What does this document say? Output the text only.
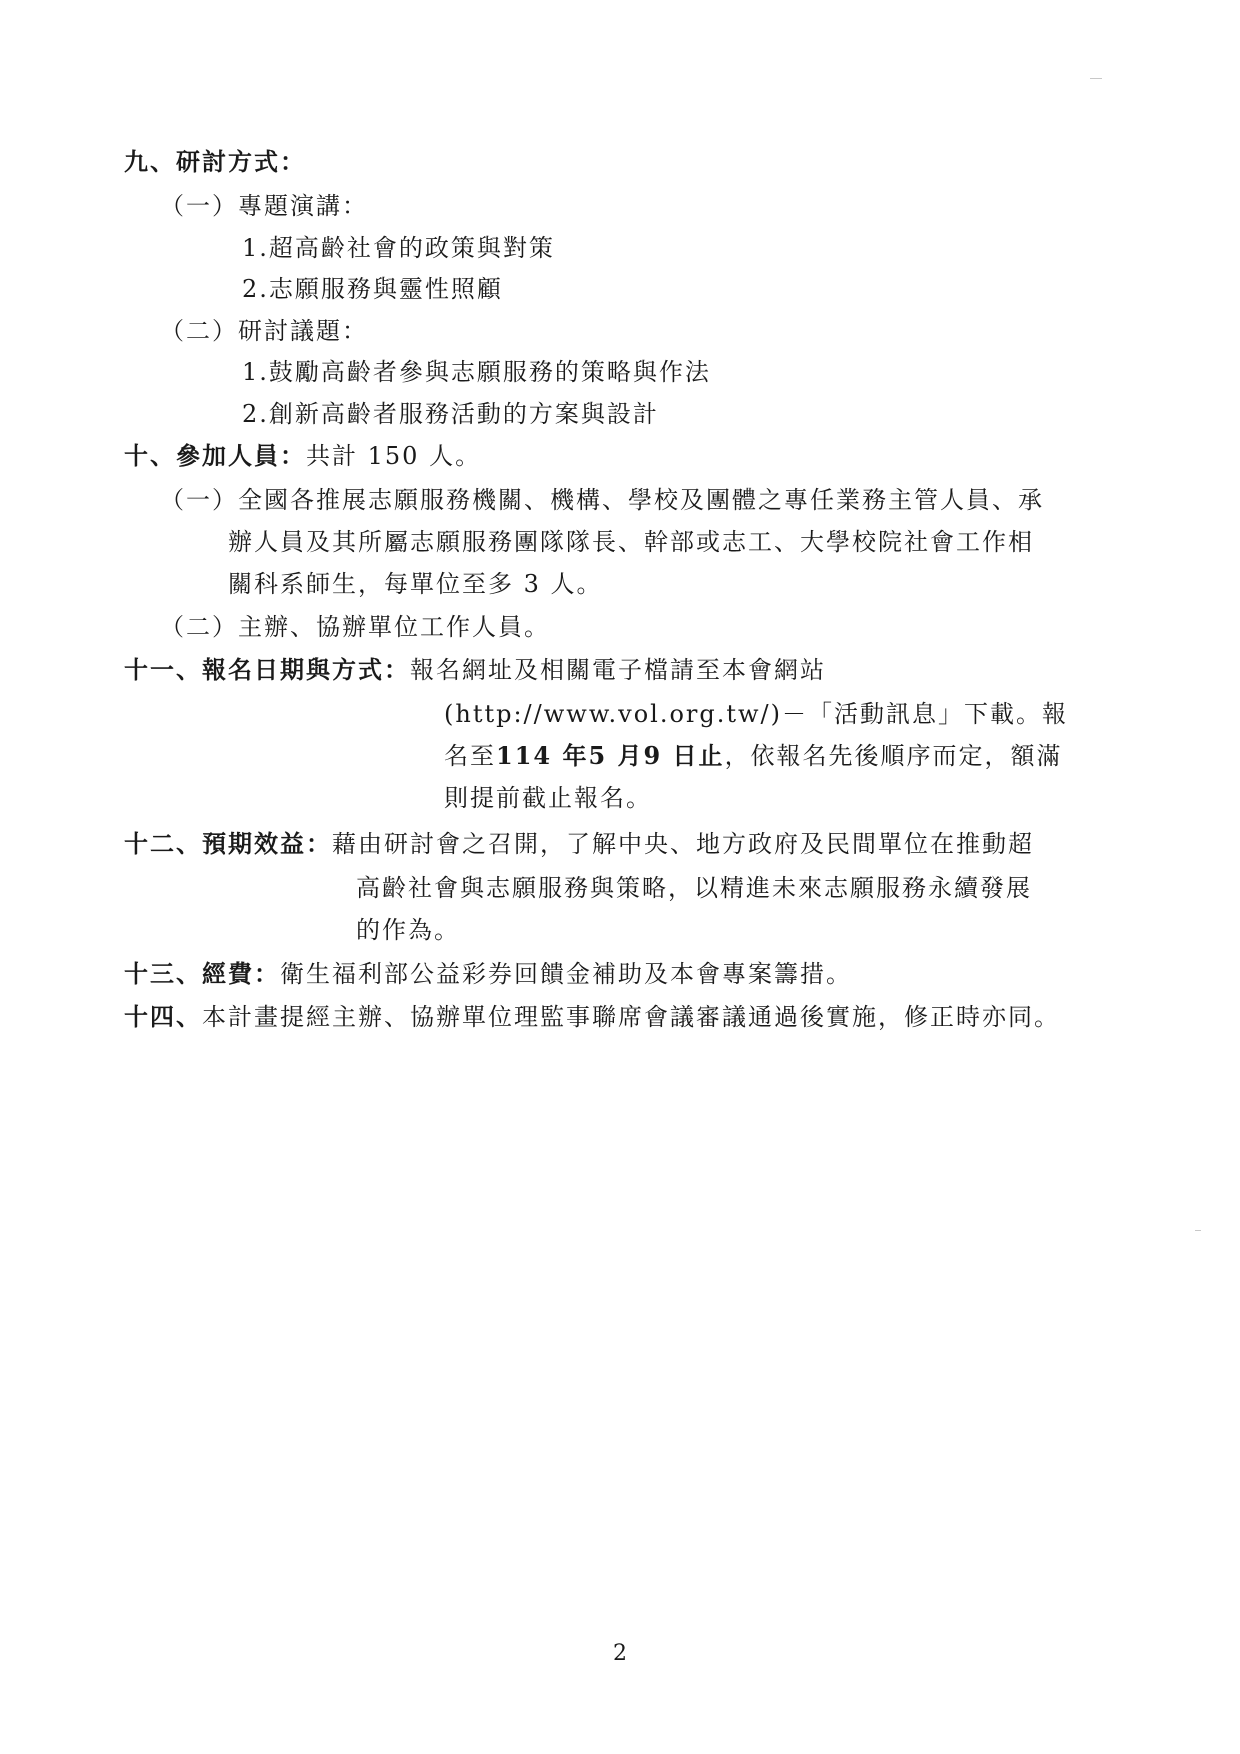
九、研討方式：
（一）專題演講：
1.超高齡社會的政策與對策
2.志願服務與靈性照顧
（二）研討議題：
1.鼓勵高齡者參與志願服務的策略與作法
2.創新高齡者服務活動的方案與設計
十、參加人員：共計 150 人。
（一）全國各推展志願服務機關、機構、學校及團體之專任業務主管人員、承
辦人員及其所屬志願服務團隊隊長、幹部或志工、大學校院社會工作相
關科系師生，每單位至多 3 人。
（二）主辦、協辦單位工作人員。
十一、報名日期與方式：報名網址及相關電子檔請至本會網站
(http://www.vol.org.tw/)－「活動訊息」下載。報
名至114 年5 月9 日止，依報名先後順序而定，額滿
則提前截止報名。
十二、預期效益：藉由研討會之召開，了解中央、地方政府及民間單位在推動超
高齡社會與志願服務與策略，以精進未來志願服務永續發展
的作為。
十三、經費：衛生福利部公益彩券回饋金補助及本會專案籌措。
十四、本計畫提經主辦、協辦單位理監事聯席會議審議通過後實施，修正時亦同。
2
